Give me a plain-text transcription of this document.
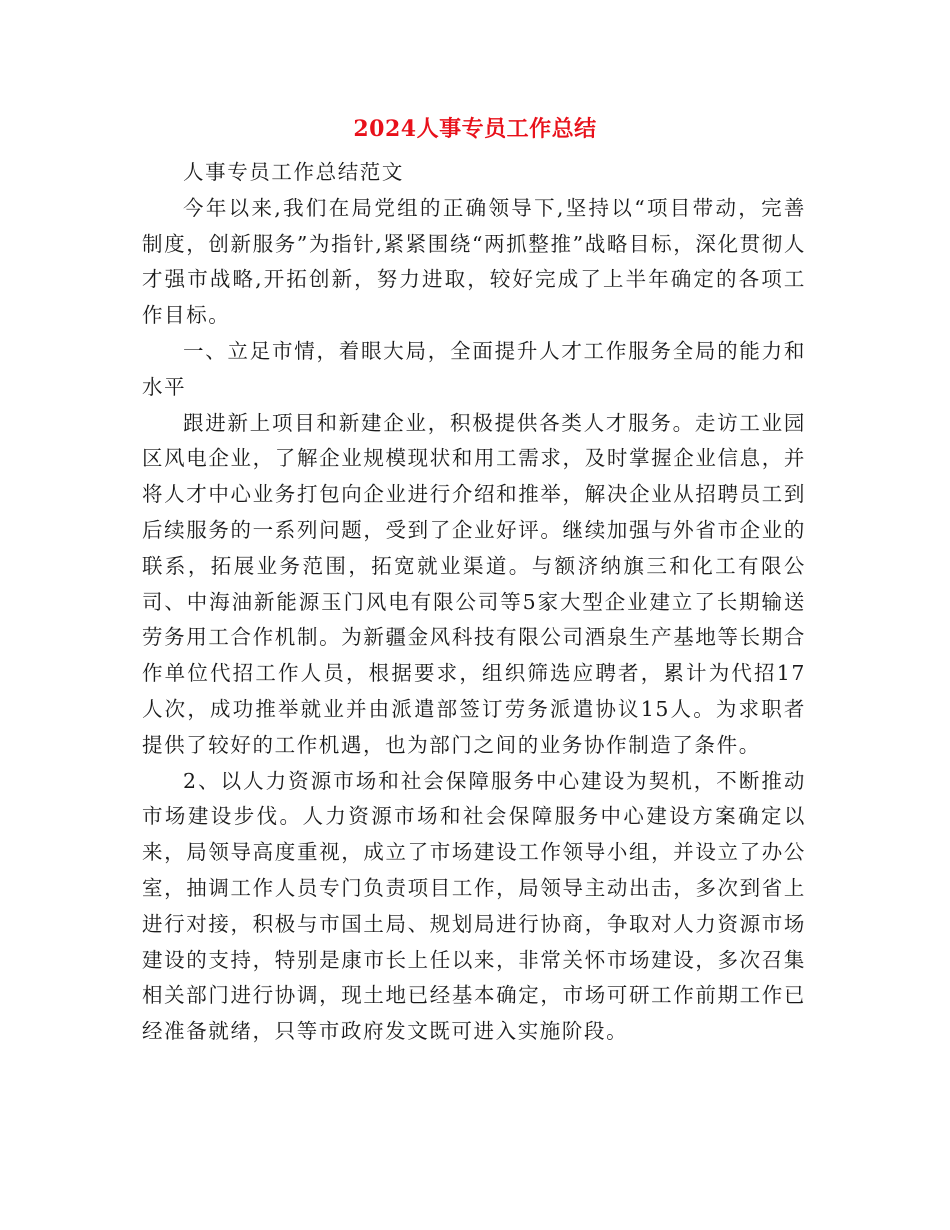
2024人事专员工作总结

人事专员工作总结范文

今年以来,我们在局党组的正确领导下,坚持以“项目带动，完善制度，创新服务”为指针,紧紧围绕“两抓整推”战略目标，深化贯彻人才强市战略,开拓创新，努力进取，较好完成了上半年确定的各项工作目标。

一、立足市情，着眼大局，全面提升人才工作服务全局的能力和水平

跟进新上项目和新建企业，积极提供各类人才服务。走访工业园区风电企业，了解企业规模现状和用工需求，及时掌握企业信息，并将人才中心业务打包向企业进行介绍和推举，解决企业从招聘员工到后续服务的一系列问题，受到了企业好评。继续加强与外省市企业的联系，拓展业务范围，拓宽就业渠道。与额济纳旗三和化工有限公司、中海油新能源玉门风电有限公司等5家大型企业建立了长期输送劳务用工合作机制。为新疆金风科技有限公司酒泉生产基地等长期合作单位代招工作人员，根据要求，组织筛选应聘者，累计为代招17人次，成功推举就业并由派遣部签订劳务派遣协议15人。为求职者提供了较好的工作机遇，也为部门之间的业务协作制造了条件。

2、以人力资源市场和社会保障服务中心建设为契机，不断推动市场建设步伐。人力资源市场和社会保障服务中心建设方案确定以来，局领导高度重视，成立了市场建设工作领导小组，并设立了办公室，抽调工作人员专门负责项目工作，局领导主动出击，多次到省上进行对接，积极与市国土局、规划局进行协商，争取对人力资源市场建设的支持，特别是康市长上任以来，非常关怀市场建设，多次召集相关部门进行协调，现土地已经基本确定，市场可研工作前期工作已经准备就绪，只等市政府发文既可进入实施阶段。
